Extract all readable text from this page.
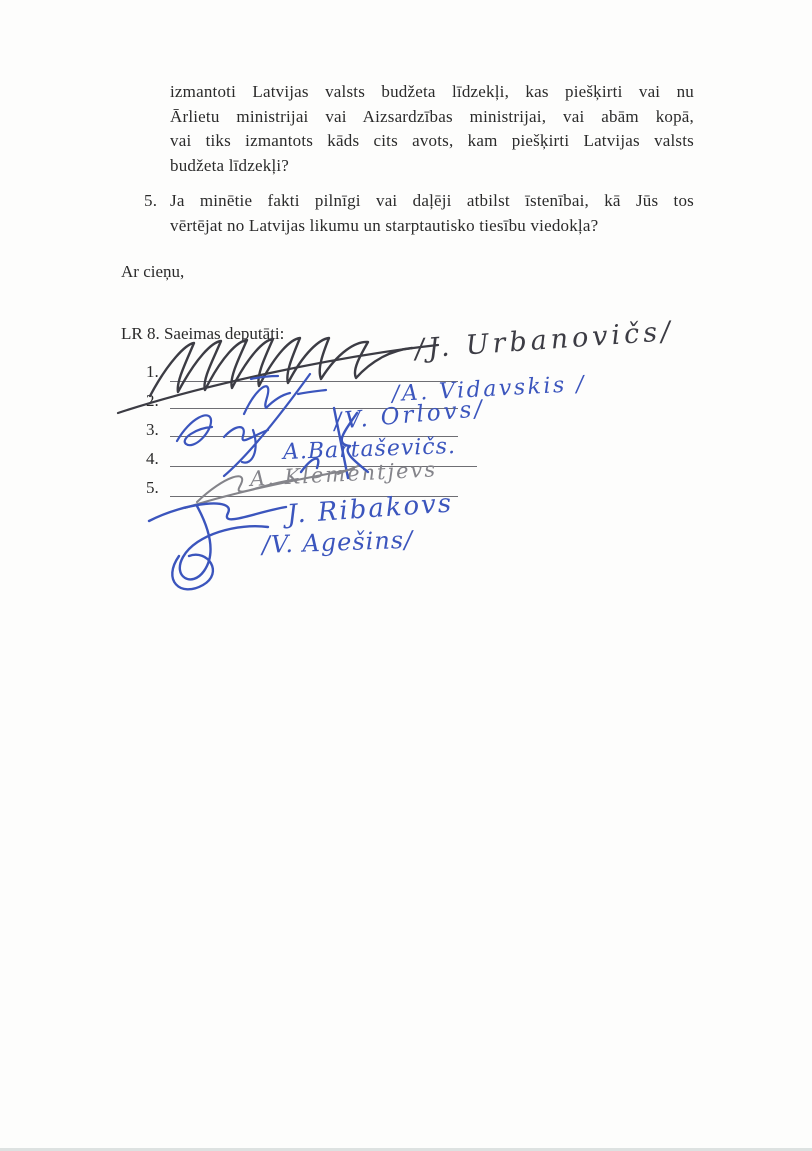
izmantoti Latvijas valsts budžeta līdzekļi, kas piešķirti vai nu
Ārlietu ministrijai vai Aizsardzības ministrijai, vai abām kopā,
vai tiks izmantots kāds cits avots, kam piešķirti Latvijas valsts
budžeta līdzekļi?
5. Ja minētie fakti pilnīgi vai daļēji atbilst īstenībai, kā Jūs tos
vērtējat no Latvijas likumu un starptautisko tiesību viedokļa?
Ar cieņu,
LR 8. Saeimas deputāti:
1.
2.
3.
4.
5.
/J. Urbanovičs/
/A. Vidavskis /
/V. Orlovs/
A.Bartaševičs.
A. Klementjevs
J. Ribakovs
/V. Agešins/
